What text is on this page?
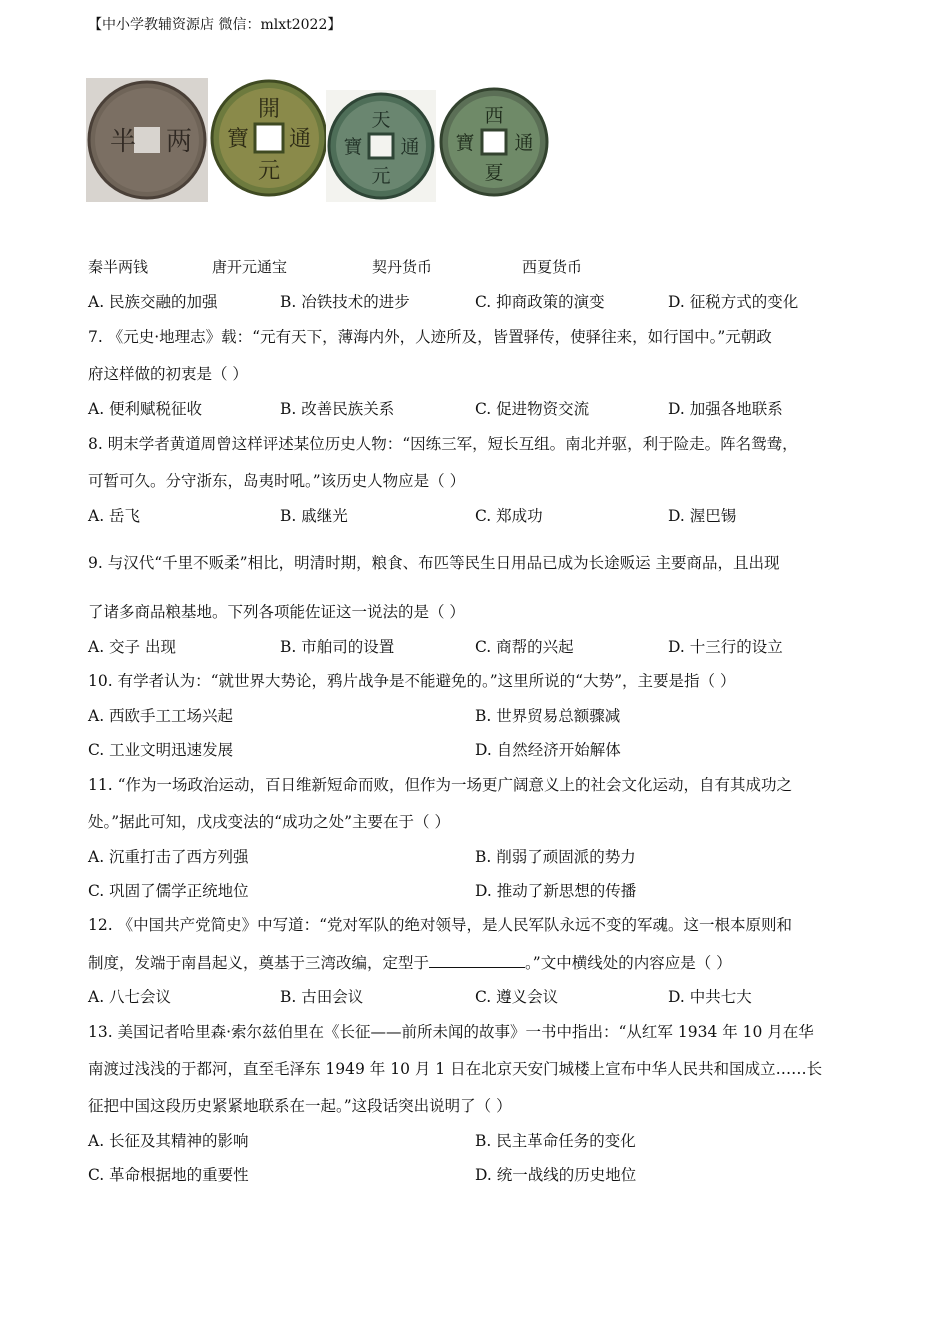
【中小学教辅资源店 微信：mlxt2022】
半 两
開
元
通
寶
天
元
通
寶
西
夏
通
寶
秦半两钱	唐开元通宝	契丹货币	西夏货币
A. 民族交融的加强	B. 冶铁技术的进步	C. 抑商政策的演变	D. 征税方式的变化
7. 《元史·地理志》载：“元有天下，薄海内外，人迹所及，皆置驿传，使驿往来，如行国中。”元朝政
府这样做的初衷是（ ）
A. 便利赋税征收	B. 改善民族关系	C. 促进物资交流	D. 加强各地联系
8. 明末学者黄道周曾这样评述某位历史人物：“因练三军，短长互组。南北并驱，利于险走。阵名鸳鸯，
可暂可久。分守浙东，岛夷时吼。”该历史人物应是（ ）
A. 岳飞	B. 戚继光	C. 郑成功	D. 渥巴锡
9. 与汉代“千里不贩柔”相比，明清时期，粮食、布匹等民生日用品已成为长途贩运 主要商品，且出现
了诸多商品粮基地。下列各项能佐证这一说法的是（ ）
A. 交子 出现	B. 市舶司的设置	C. 商帮的兴起	D. 十三行的设立
10. 有学者认为：“就世界大势论，鸦片战争是不能避免的。”这里所说的“大势”，主要是指（ ）
A. 西欧手工工场兴起	B. 世界贸易总额骤减
C. 工业文明迅速发展	D. 自然经济开始解体
11. “作为一场政治运动，百日维新短命而败，但作为一场更广阔意义上的社会文化运动，自有其成功之
处。”据此可知，戊戌变法的“成功之处”主要在于（ ）
A. 沉重打击了西方列强	B. 削弱了顽固派的势力
C. 巩固了儒学正统地位	D. 推动了新思想的传播
12. 《中国共产党简史》中写道：“党对军队的绝对领导，是人民军队永远不变的军魂。这一根本原则和
制度，发端于南昌起义，奠基于三湾改编，定型于	。”文中横线处的内容应是（ ）
A. 八七会议	B. 古田会议	C. 遵义会议	D. 中共七大
13. 美国记者哈里森·索尔兹伯里在《长征——前所未闻的故事》一书中指出：“从红军 1934 年 10 月在华
南渡过浅浅的于都河，直至毛泽东 1949 年 10 月 1 日在北京天安门城楼上宣布中华人民共和国成立……长
征把中国这段历史紧紧地联系在一起。”这段话突出说明了（ ）
A. 长征及其精神的影响	B. 民主革命任务的变化
C. 革命根据地的重要性	D. 统一战线的历史地位
